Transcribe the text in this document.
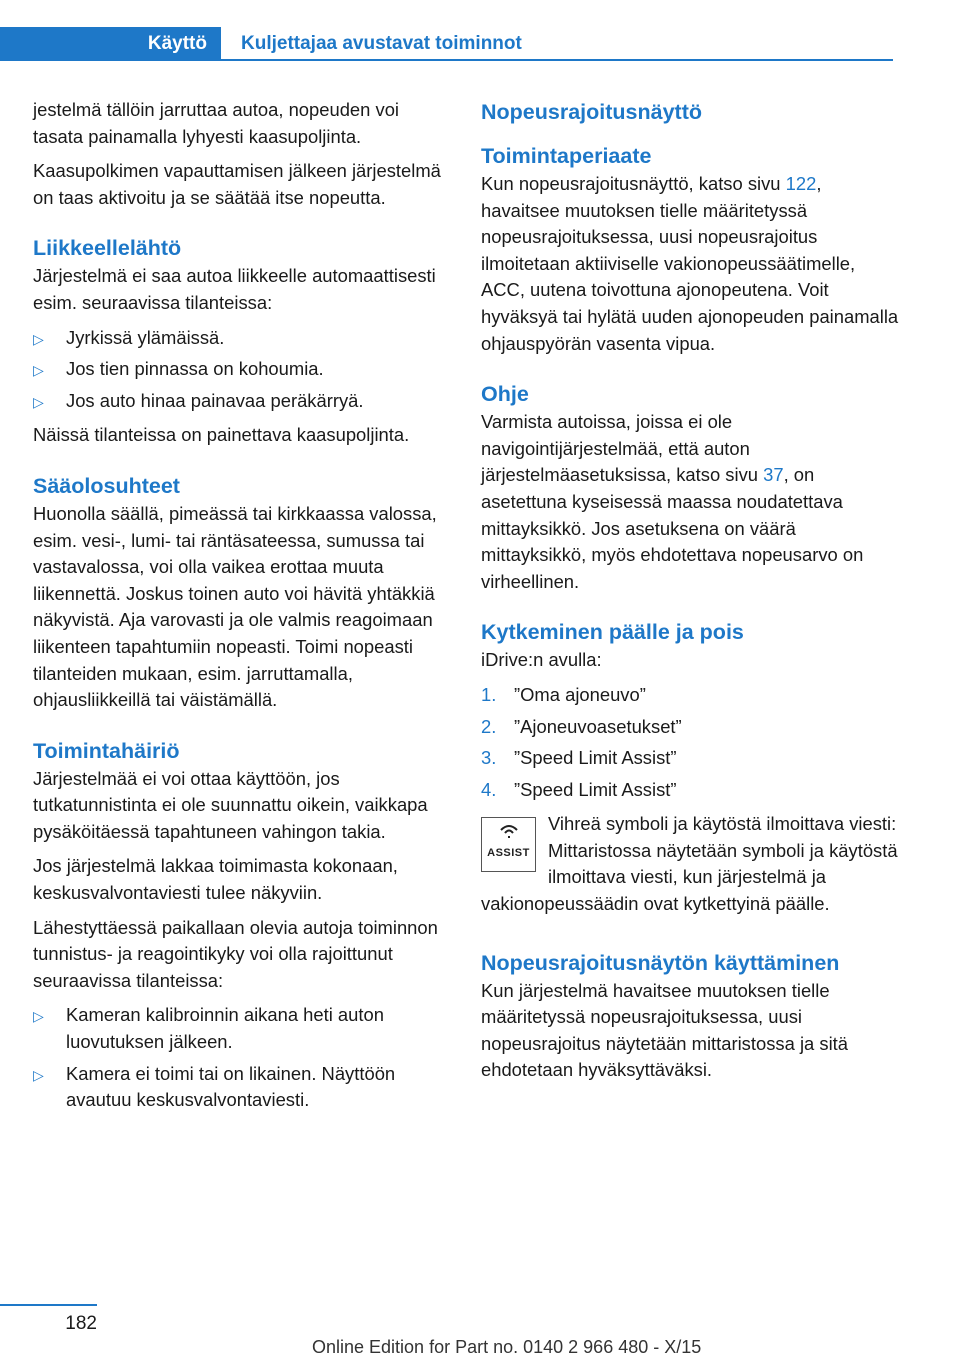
Käyttö	Kuljettajaa avustavat toiminnot

jestelmä tällöin jarruttaa autoa, nopeuden voi tasata painamalla lyhyesti kaasupoljinta.

Kaasupolkimen vapauttamisen jälkeen järjestelmä on taas aktivoitu ja se säätää itse nopeutta.

Liikkeellelähtö

Järjestelmä ei saa autoa liikkeelle automaattisesti esim. seuraavissa tilanteissa:

▷ Jyrkissä ylämäissä.
▷ Jos tien pinnassa on kohoumia.
▷ Jos auto hinaa painavaa peräkärryä.

Näissä tilanteissa on painettava kaasupoljinta.

Sääolosuhteet

Huonolla säällä, pimeässä tai kirkkaassa valossa, esim. vesi-, lumi- tai räntäsateessa, sumussa tai vastavalossa, voi olla vaikea erottaa muuta liikennettä. Joskus toinen auto voi hävitä yhtäkkiä näkyvistä. Aja varovasti ja ole valmis reagoimaan liikenteen tapahtumiin nopeasti. Toimi nopeasti tilanteiden mukaan, esim. jarruttamalla, ohjausliikkeillä tai väistämällä.

Toimintahäiriö

Järjestelmää ei voi ottaa käyttöön, jos tutkatunnistinta ei ole suunnattu oikein, vaikkapa pysäköitäessä tapahtuneen vahingon takia.

Jos järjestelmä lakkaa toimimasta kokonaan, keskusvalvontaviesti tulee näkyviin.

Lähestyttäessä paikallaan olevia autoja toiminnon tunnistus- ja reagointikyky voi olla rajoittunut seuraavissa tilanteissa:

▷ Kameran kalibroinnin aikana heti auton luovutuksen jälkeen.
▷ Kamera ei toimi tai on likainen. Näyttöön avautuu keskusvalvontaviesti.
Nopeusrajoitusnäyttö
Toimintaperiaate

Kun nopeusrajoitusnäyttö, katso sivu 122, havaitsee muutoksen tielle määritetyssä nopeusrajoituksessa, uusi nopeusrajoitus ilmoitetaan aktiiviselle vakionopeussäätimelle, ACC, uutena toivottuna ajonopeutena. Voit hyväksyä tai hylätä uuden ajonopeuden painamalla ohjauspyörän vasenta vipua.

Ohje

Varmista autoissa, joissa ei ole navigointijärjestelmää, että auton järjestelmäasetuksissa, katso sivu 37, on asetettuna kyseisessä maassa noudatettava mittayksikkö. Jos asetuksena on väärä mittayksikkö, myös ehdotettava nopeusarvo on virheellinen.

Kytkeminen päälle ja pois

iDrive:n avulla:

1. ”Oma ajoneuvo”
2. ”Ajoneuvoasetukset”
3. ”Speed Limit Assist”
4. ”Speed Limit Assist”
ASSIST

Vihreä symboli ja käytöstä ilmoittava viesti: Mittaristossa näytetään symboli ja käytöstä ilmoittava viesti, kun järjestelmä ja vakionopeussäädin ovat kytkettyinä päälle.

Nopeusrajoitusnäytön käyttäminen

Kun järjestelmä havaitsee muutoksen tielle määritetyssä nopeusrajoituksessa, uusi nopeusrajoitus näytetään mittaristossa ja sitä ehdotetaan hyväksyttäväksi.

182
Online Edition for Part no. 0140 2 966 480 - X/15
